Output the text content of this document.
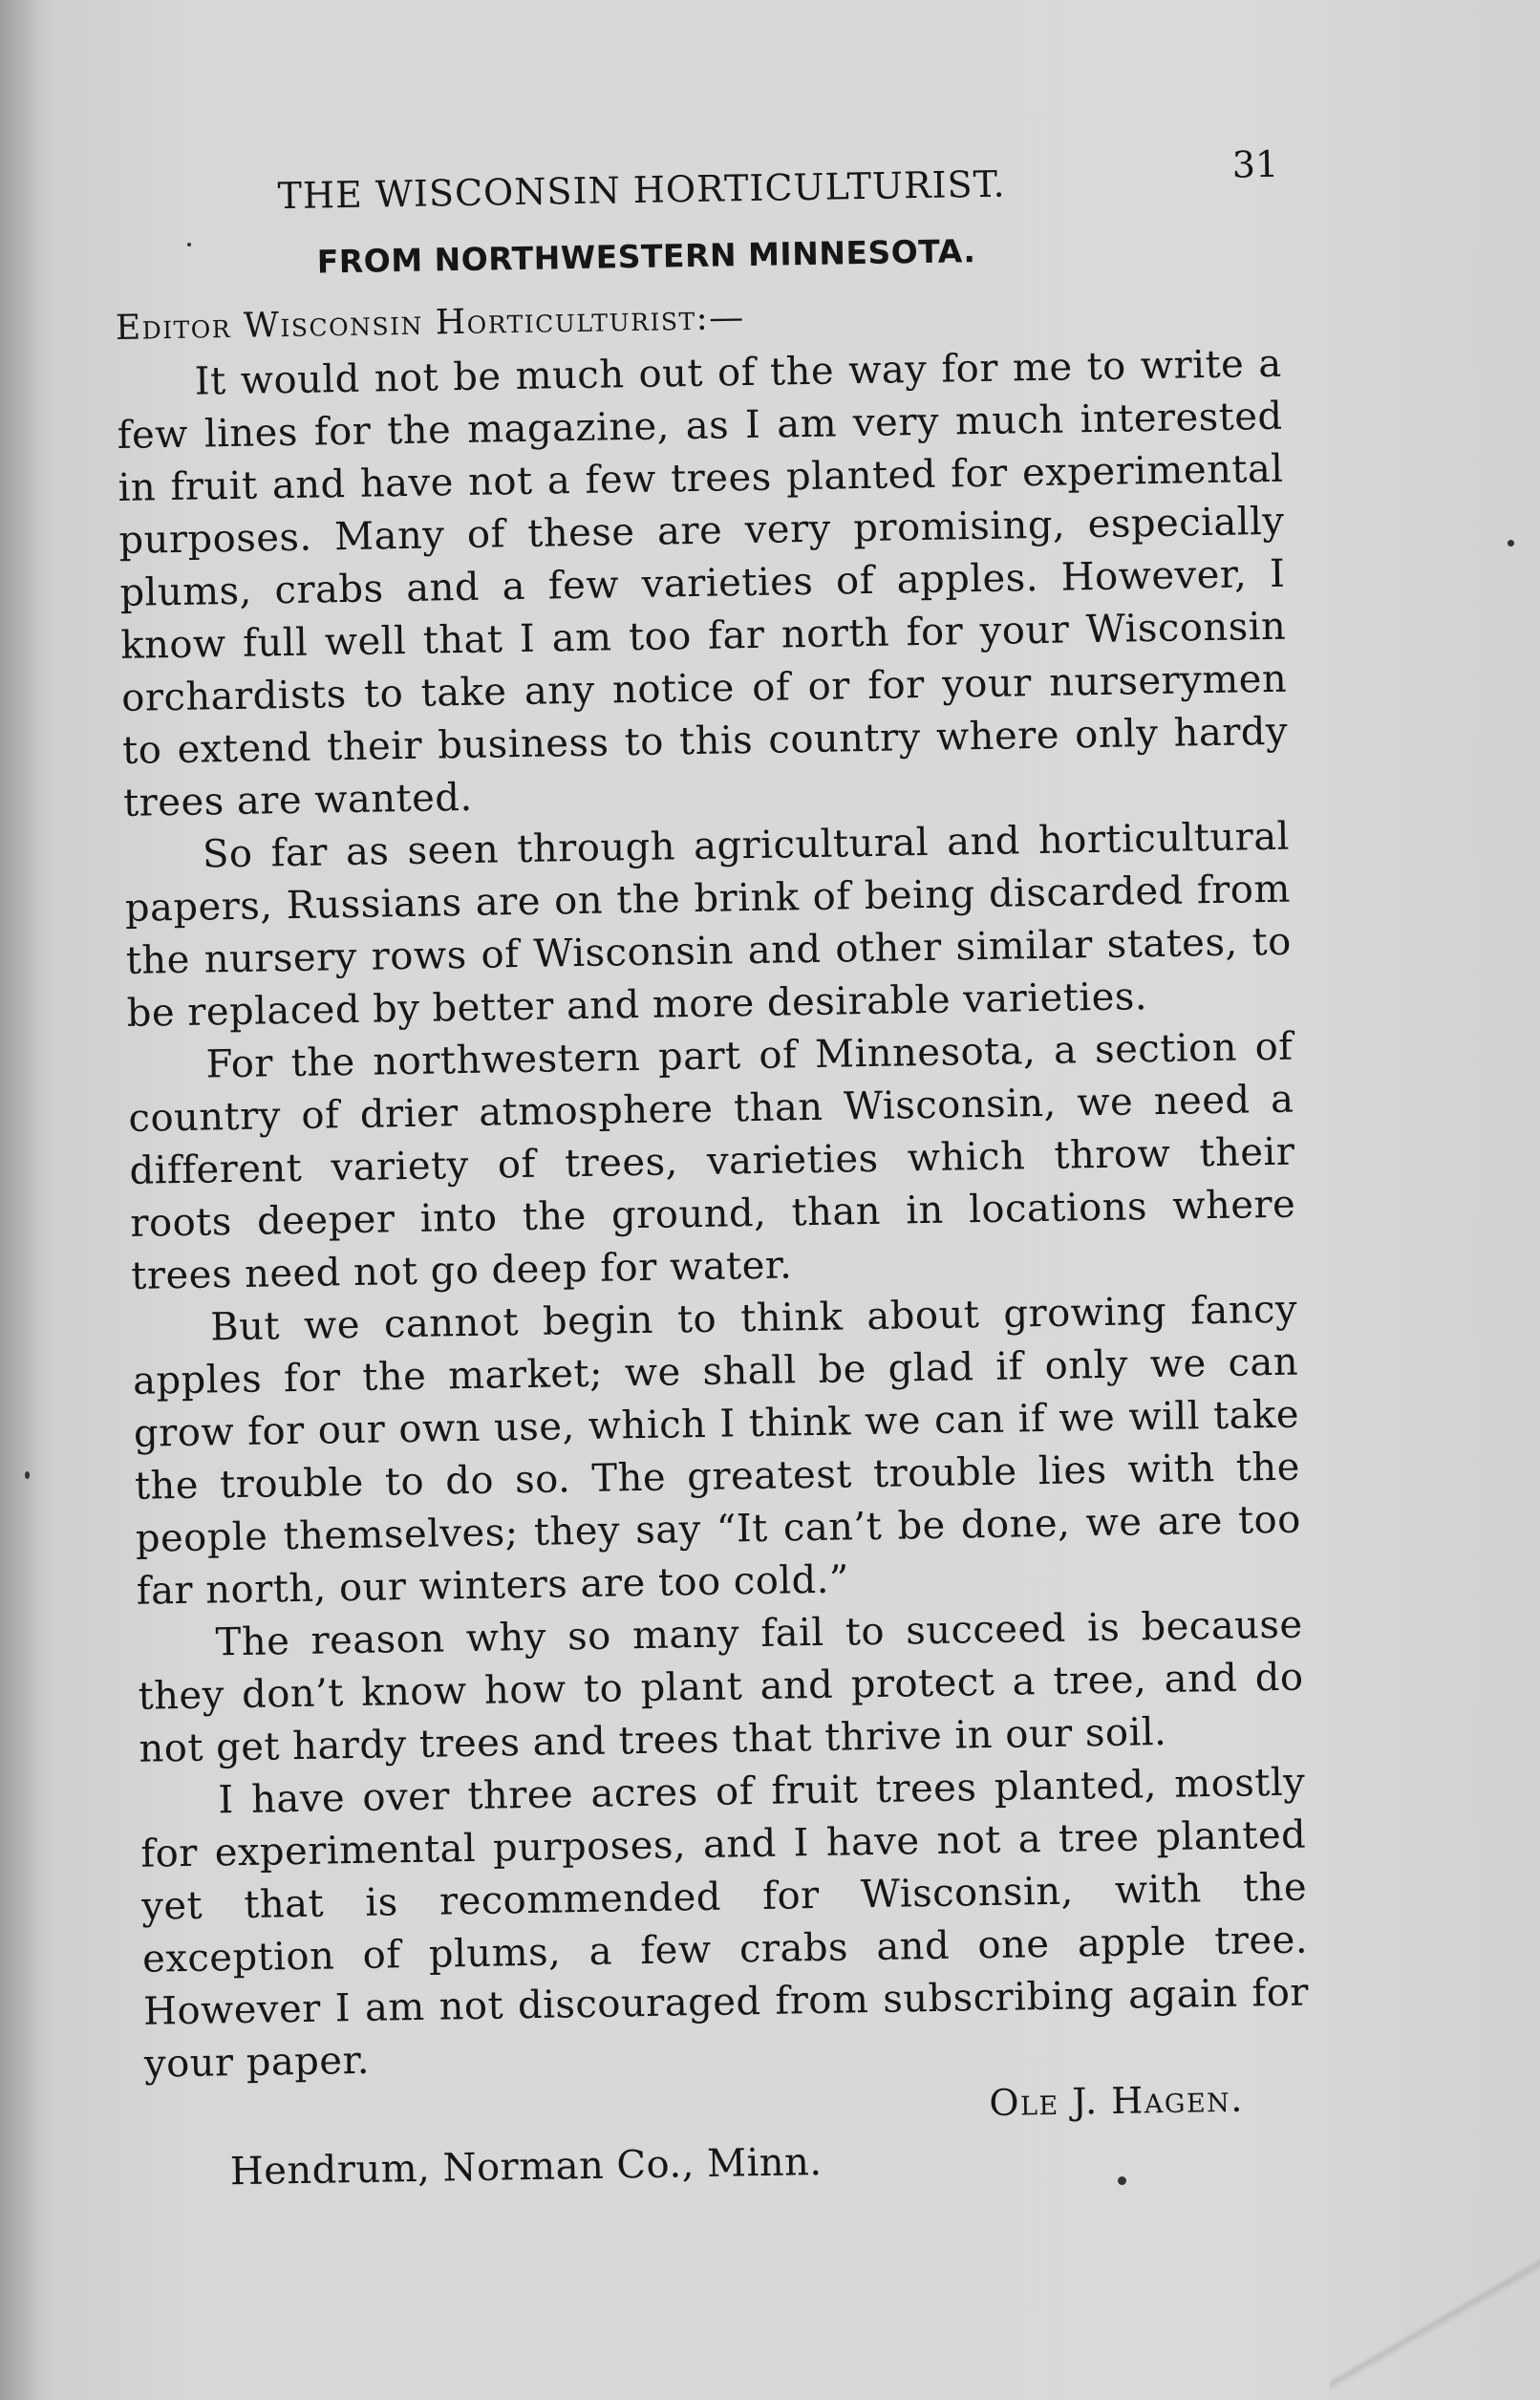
THE WISCONSIN HORTICULTURIST.	31
FROM NORTHWESTERN MINNESOTA.

Editor Wisconsin Horticulturist:—

It would not be much out of the way for me to write a few lines for the magazine, as I am very much interested in fruit and have not a few trees planted for experimental purposes. Many of these are very promising, especially plums, crabs and a few varieties of apples. However, I know full well that I am too far north for your Wisconsin orchardists to take any notice of or for your nurserymen to extend their business to this country where only hardy trees are wanted.

So far as seen through agricultural and horticultural papers, Russians are on the brink of being discarded from the nursery rows of Wisconsin and other similar states, to be replaced by better and more desirable varieties.

For the northwestern part of Minnesota, a section of country of drier atmosphere than Wisconsin, we need a different variety of trees, varieties which throw their roots deeper into the ground, than in locations where trees need not go deep for water.

But we cannot begin to think about growing fancy apples for the market; we shall be glad if only we can grow for our own use, which I think we can if we will take the trouble to do so. The greatest trouble lies with the people themselves; they say “It can’t be done, we are too far north, our winters are too cold.”

The reason why so many fail to succeed is because they don’t know how to plant and protect a tree, and do not get hardy trees and trees that thrive in our soil.

I have over three acres of fruit trees planted, mostly for experimental purposes, and I have not a tree planted yet that is recommended for Wisconsin, with the exception of plums, a few crabs and one apple tree. However I am not discouraged from subscribing again for your paper.

Ole J. Hagen.

Hendrum, Norman Co., Minn.
